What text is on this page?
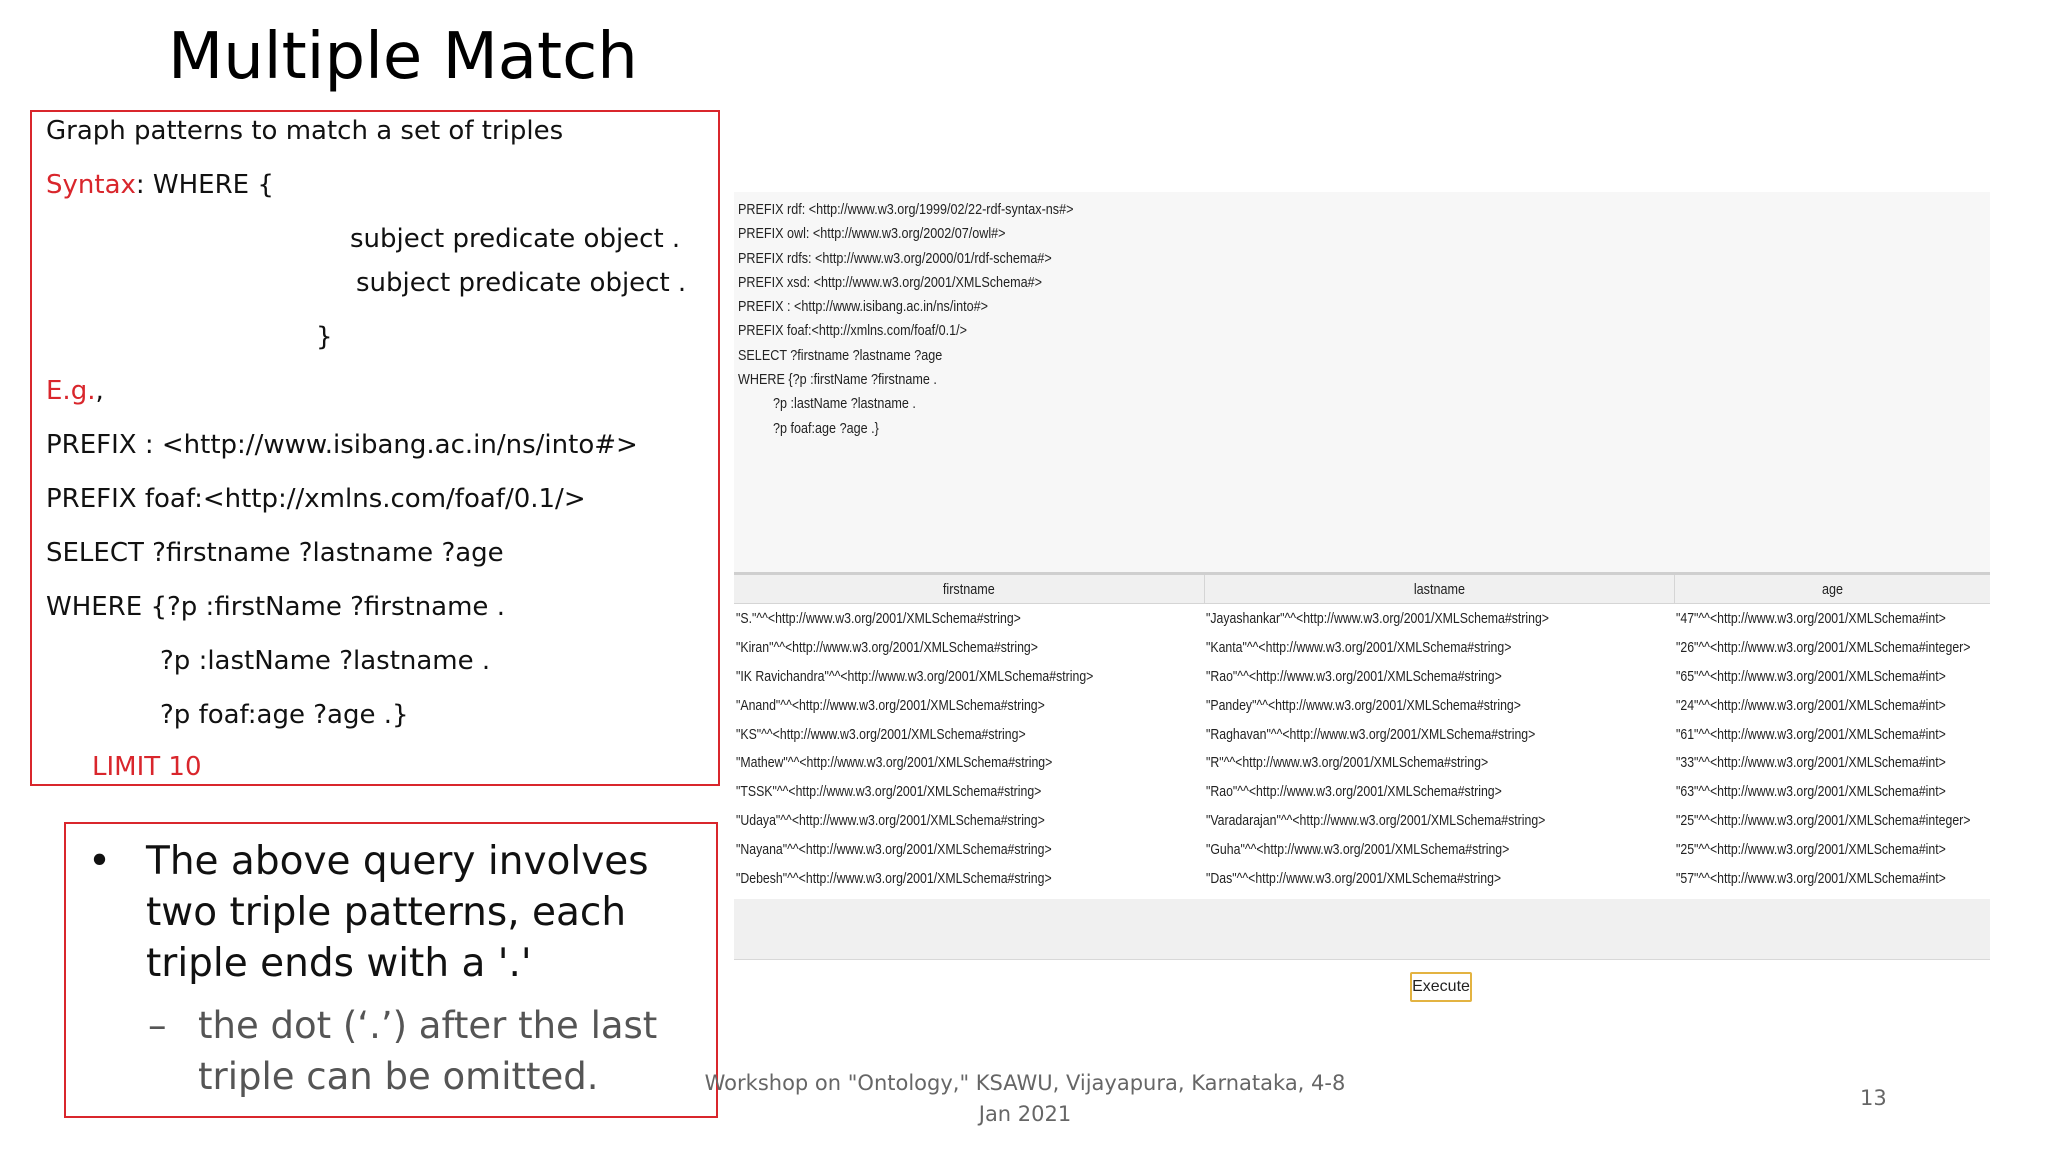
Multiple Match
Graph patterns to match a set of triples
Syntax: WHERE {
subject predicate object .
subject predicate object .
}
E.g.,
PREFIX : <http://www.isibang.ac.in/ns/into#>
PREFIX foaf:<http://xmlns.com/foaf/0.1/>
SELECT ?firstname ?lastname ?age
WHERE {?p :firstName ?firstname .
?p :lastName ?lastname .
?p foaf:age ?age .}
LIMIT 10
• The above query involves two triple patterns, each triple ends with a '.'
– the dot (‘.’) after the last triple can be omitted.
PREFIX rdf: <http://www.w3.org/1999/02/22-rdf-syntax-ns#>
PREFIX owl: <http://www.w3.org/2002/07/owl#>
PREFIX rdfs: <http://www.w3.org/2000/01/rdf-schema#>
PREFIX xsd: <http://www.w3.org/2001/XMLSchema#>
PREFIX : <http://www.isibang.ac.in/ns/into#>
PREFIX foaf:<http://xmlns.com/foaf/0.1/>
SELECT ?firstname ?lastname ?age
WHERE {?p :firstName ?firstname .
?p :lastName ?lastname .
?p foaf:age ?age .}
firstname	lastname	age
"S."^^<http://www.w3.org/2001/XMLSchema#string>	"Jayashankar"^^<http://www.w3.org/2001/XMLSchema#string>	"47"^^<http://www.w3.org/2001/XMLSchema#int>
"Kiran"^^<http://www.w3.org/2001/XMLSchema#string>	"Kanta"^^<http://www.w3.org/2001/XMLSchema#string>	"26"^^<http://www.w3.org/2001/XMLSchema#integer>
"IK Ravichandra"^^<http://www.w3.org/2001/XMLSchema#string>	"Rao"^^<http://www.w3.org/2001/XMLSchema#string>	"65"^^<http://www.w3.org/2001/XMLSchema#int>
"Anand"^^<http://www.w3.org/2001/XMLSchema#string>	"Pandey"^^<http://www.w3.org/2001/XMLSchema#string>	"24"^^<http://www.w3.org/2001/XMLSchema#int>
"KS"^^<http://www.w3.org/2001/XMLSchema#string>	"Raghavan"^^<http://www.w3.org/2001/XMLSchema#string>	"61"^^<http://www.w3.org/2001/XMLSchema#int>
"Mathew"^^<http://www.w3.org/2001/XMLSchema#string>	"R"^^<http://www.w3.org/2001/XMLSchema#string>	"33"^^<http://www.w3.org/2001/XMLSchema#int>
"TSSK"^^<http://www.w3.org/2001/XMLSchema#string>	"Rao"^^<http://www.w3.org/2001/XMLSchema#string>	"63"^^<http://www.w3.org/2001/XMLSchema#int>
"Udaya"^^<http://www.w3.org/2001/XMLSchema#string>	"Varadarajan"^^<http://www.w3.org/2001/XMLSchema#string>	"25"^^<http://www.w3.org/2001/XMLSchema#integer>
"Nayana"^^<http://www.w3.org/2001/XMLSchema#string>	"Guha"^^<http://www.w3.org/2001/XMLSchema#string>	"25"^^<http://www.w3.org/2001/XMLSchema#int>
"Debesh"^^<http://www.w3.org/2001/XMLSchema#string>	"Das"^^<http://www.w3.org/2001/XMLSchema#string>	"57"^^<http://www.w3.org/2001/XMLSchema#int>
Execute
Workshop on "Ontology," KSAWU, Vijayapura, Karnataka, 4-8
Jan 2021
13
